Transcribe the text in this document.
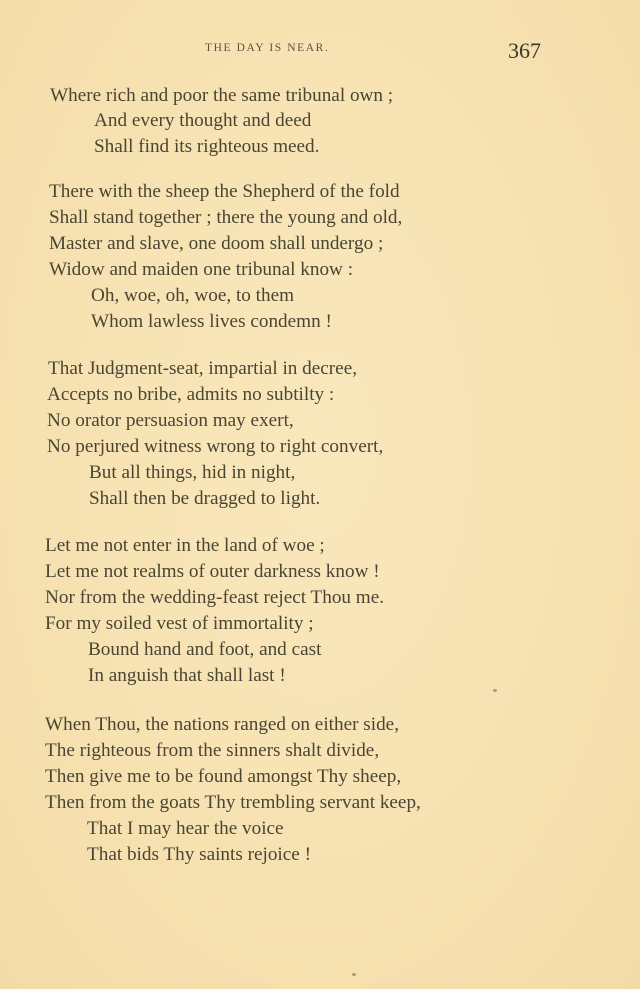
THE DAY IS NEAR.	367
Where rich and poor the same tribunal own ;
And every thought and deed
Shall find its righteous meed.
There with the sheep the Shepherd of the fold
Shall stand together ; there the young and old,
Master and slave, one doom shall undergo ;
Widow and maiden one tribunal know :
Oh, woe, oh, woe, to them
Whom lawless lives condemn !
That Judgment-seat, impartial in decree,
Accepts no bribe, admits no subtilty :
No orator persuasion may exert,
No perjured witness wrong to right convert,
But all things, hid in night,
Shall then be dragged to light.
Let me not enter in the land of woe ;
Let me not realms of outer darkness know !
Nor from the wedding-feast reject Thou me.
For my soiled vest of immortality ;
Bound hand and foot, and cast
In anguish that shall last !
When Thou, the nations ranged on either side,
The righteous from the sinners shalt divide,
Then give me to be found amongst Thy sheep,
Then from the goats Thy trembling servant keep,
That I may hear the voice
That bids Thy saints rejoice !
